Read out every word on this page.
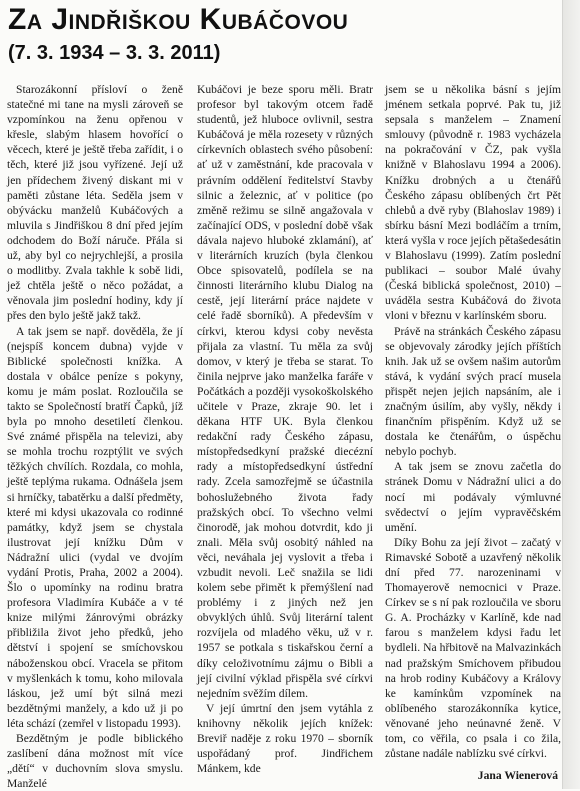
Za Jindřiškou Kubáčovou
(7. 3. 1934 – 3. 3. 2011)

Starozákonní přísloví o ženě statečné mi tane na mysli zároveň se vzpomínkou na ženu opřenou v křesle, slabým hlasem hovořící o věcech, které je ještě třeba zařídit, i o těch, které již jsou vyřízené. Její už jen přídechem živený diskant mi v paměti zůstane léta. Seděla jsem v obývácku manželů Kubáčových a mluvila s Jindřiškou 8 dní před jejím odchodem do Boží náruče. Přála si už, aby byl co nejrychlejší, a prosila o modlitby. Zvala takhle k sobě lidi, jež chtěla ještě o něco požádat, a věnovala jim poslední hodiny, kdy jí přes den bylo ještě jakž takž.

A tak jsem se např. dověděla, že jí (nejspíš koncem dubna) vyjde v Biblické společnosti knížka. A dostala v obálce peníze s pokyny, komu je mám poslat. Rozloučila se takto se Společností bratří Čapků, jíž byla po mnoho desetiletí členkou. Své známé přispěla na televizi, aby se mohla trochu rozptýlit ve svých těžkých chvílích. Rozdala, co mohla, ještě teplýma rukama. Odnášela jsem si hrníčky, tabatěrku a další předměty, které mi kdysi ukazovala co rodinné památky, když jsem se chystala ilustrovat její knížku Dům v Nádražní ulici (vydal ve dvojím vydání Protis, Praha, 2002 a 2004). Šlo o upomínky na rodinu bratra profesora Vladimíra Kubáče a v té knize milými žánrovými obrázky přibližila život jeho předků, jeho dětství i spojení se smíchovskou náboženskou obcí. Vracela se přitom v myšlenkách k tomu, koho milovala láskou, jež umí být silná mezi bezdětnými manžely, a kdo už ji po léta schází (zemřel v listopadu 1993).

Bezdětným je podle biblického zaslíbení dána možnost mít více „dětí“ v duchovním slova smyslu. Manželé

Kubáčovi je beze sporu měli. Bratr profesor byl takovým otcem řadě studentů, jež hluboce ovlivnil, sestra Kubáčová je měla rozesety v různých církevních oblastech svého působení: ať už v zaměstnání, kde pracovala v právním oddělení ředitelství Stavby silnic a železnic, ať v politice (po změně režimu se silně angažovala v začínající ODS, v poslední době však dávala najevo hluboké zklamání), ať v literárních kruzích (byla členkou Obce spisovatelů, podílela se na činnosti literárního klubu Dialog na cestě, její literární práce najdete v celé řadě sborníků). A především v církvi, kterou kdysi coby nevěsta přijala za vlastní. Tu měla za svůj domov, v který je třeba se starat. To činila nejprve jako manželka faráře v Počátkách a později vysokoškolského učitele v Praze, zkraje 90. let i děkana HTF UK. Byla členkou redakční rady Českého zápasu, místopředsedkyní pražské diecézní rady a místopředsedkyní ústřední rady. Zcela samozřejmě se účastnila bohoslužebného života řady pražských obcí. To všechno velmi činorodě, jak mohou dotvrdit, kdo ji znali. Měla svůj osobitý náhled na věci, neváhala jej vyslovit a třeba i vzbudit nevoli. Leč snažila se lidi kolem sebe přimět k přemýšlení nad problémy i z jiných než jen obvyklých úhlů. Svůj literární talent rozvíjela od mladého věku, už v r. 1957 se potkala s tiskařskou černí a díky celoživotnímu zájmu o Bibli a její civilní výklad přispěla své církvi nejedním svěžím dílem.

V její úmrtní den jsem vytáhla z knihovny několik jejích knížek: Breviř naděje z roku 1970 – sborník uspořádaný prof. Jindřichem Mánkem, kde

jsem se u několika básní s jejím jménem setkala poprvé. Pak tu, již sepsala s manželem – Znamení smlouvy (původně r. 1983 vycházela na pokračování v ČZ, pak vyšla knižně v Blahoslavu 1994 a 2006). Knížku drobných a u čtenářů Českého zápasu oblíbených črt Pět chlebů a dvě ryby (Blahoslav 1989) i sbírku básní Mezi bodláčím a trním, která vyšla v roce jejích pětašedesátin v Blahoslavu (1999). Zatím poslední publikaci – soubor Malé úvahy (Česká biblická společnost, 2010) – uváděla sestra Kubáčová do života vloni v březnu v karlínském sboru.

Právě na stránkách Českého zápasu se objevovaly zárodky jejích příštích knih. Jak už se ovšem našim autorům stává, k vydání svých prací musela přispět nejen jejich napsáním, ale i značným úsilím, aby vyšly, někdy i finančním přispěním. Když už se dostala ke čtenářům, o úspěchu nebylo pochyb.

A tak jsem se znovu začetla do stránek Domu v Nádražní ulici a do nocí mi podávaly výmluvné svědectví o jejím vypravěčském umění.

Díky Bohu za její život – začatý v Rimavské Sobotě a uzavřený několik dní před 77. narozeninami v Thomayerově nemocnici v Praze. Církev se s ní pak rozloučila ve sboru G. A. Procházky v Karlíně, kde nad farou s manželem kdysi řadu let bydleli. Na hřbitově na Malvazinkách nad pražským Smíchovem přibudou na hrob rodiny Kubáčovy a Královy ke kamínkům vzpomínek na oblíbeného starozákonníka kytice, věnované jeho neúnavné ženě. V tom, co věřila, co psala i co žila, zůstane nadále nablízku své církvi.

Jana Wienerová
